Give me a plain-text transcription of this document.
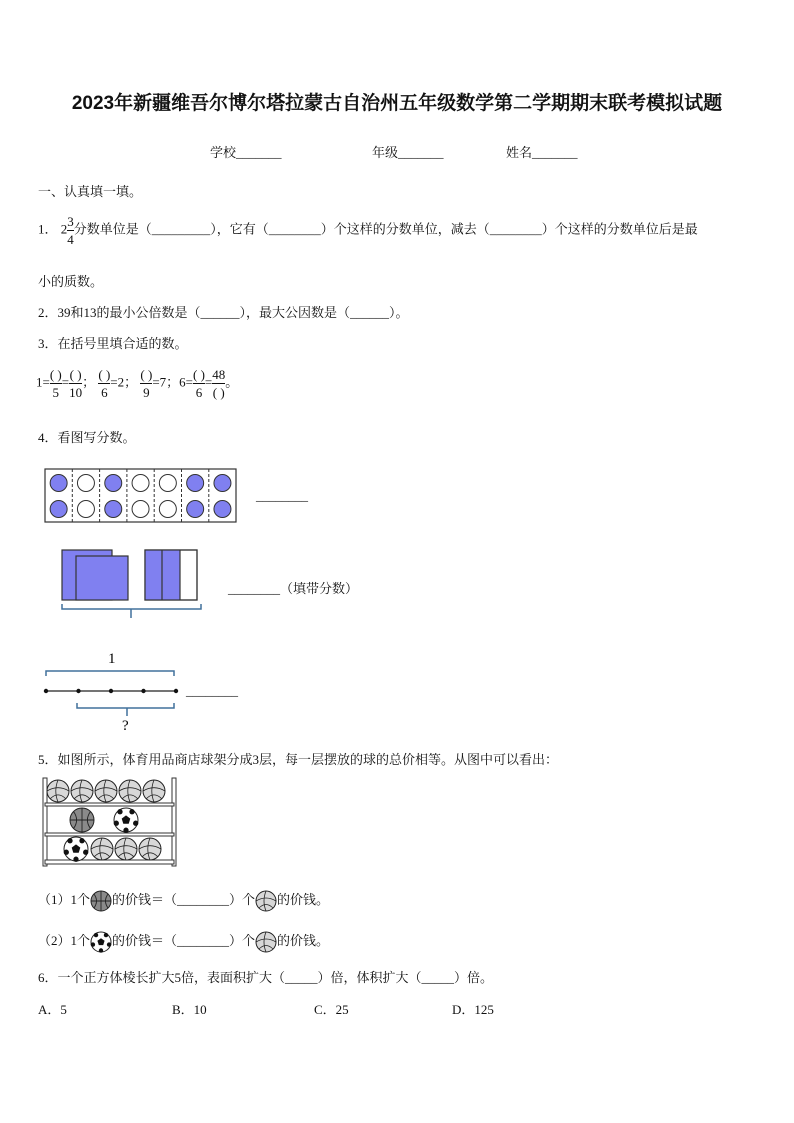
2023年新疆维吾尔博尔塔拉蒙古自治州五年级数学第二学期期末联考模拟试题
学校_______	年级_______	姓名_______
一、认真填一填。
1． $2 \frac{3}{4}$ 分数单位是（_________），它有（________）个这样的分数单位，减去（________）个这样的分数单位后是最
小的质数。
2．39和13的最小公倍数是（______），最大公因数是（______）。
3．在括号里填合适的数。
$1= \frac{( )}{5} = \frac{( )}{10}$ ； $\frac{( )}{6} =2$； $\frac{( )}{9} =7$；$6= \frac{( )}{6} = \frac{48}{( )}$ 。
4．看图写分数。
________
________（填带分数）
1
?
________
5．如图所示，体育用品商店球架分成3层，每一层摆放的球的总价相等。从图中可以看出：
（1）1个 的价钱＝（________）个 的价钱。
（2）1个 的价钱＝（________）个 的价钱。
6．一个正方体棱长扩大5倍，表面积扩大（_____）倍，体积扩大（_____）倍。
A．5	B．10	C．25	D．125
